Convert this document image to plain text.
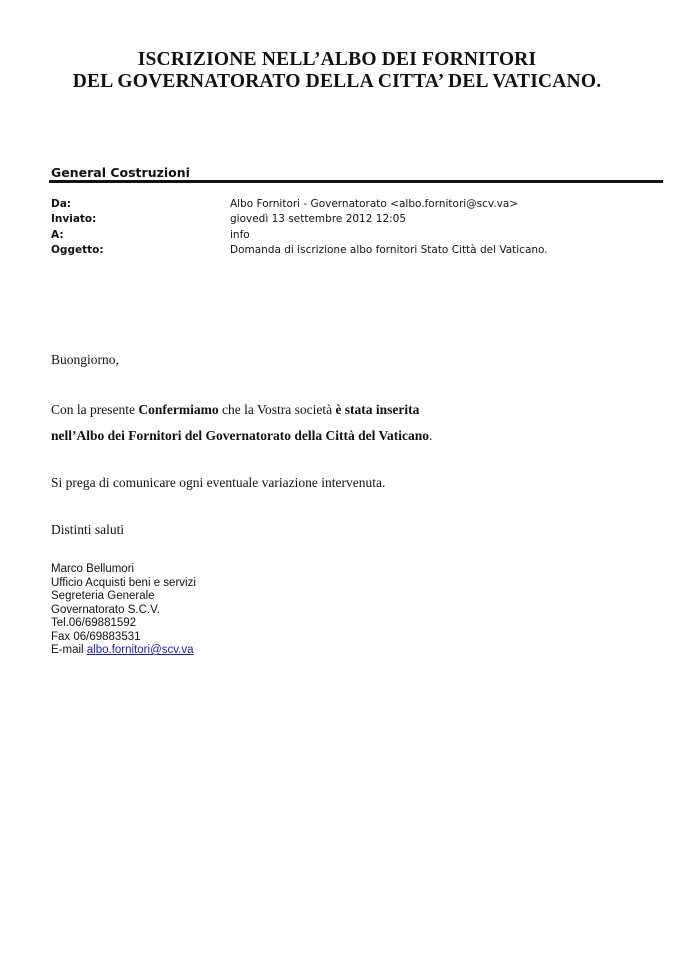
ISCRIZIONE NELL’ALBO DEI FORNITORI
DEL GOVERNATORATO DELLA CITTA’ DEL VATICANO.
General Costruzioni
Da:	Albo Fornitori - Governatorato <albo.fornitori@scv.va>
Inviato:	giovedì 13 settembre 2012 12:05
A:	info
Oggetto:	Domanda di iscrizione albo fornitori Stato Città del Vaticano.
Buongiorno,
Con la presente Confermiamo che la Vostra società è stata inserita
nell’Albo dei Fornitori del Governatorato della Città del Vaticano.
Si prega di comunicare ogni eventuale variazione intervenuta.
Distinti saluti
Marco Bellumori
Ufficio Acquisti beni e servizi
Segreteria Generale
Governatorato S.C.V.
Tel.06/69881592
Fax 06/69883531
E-mail albo.fornitori@scv.va
